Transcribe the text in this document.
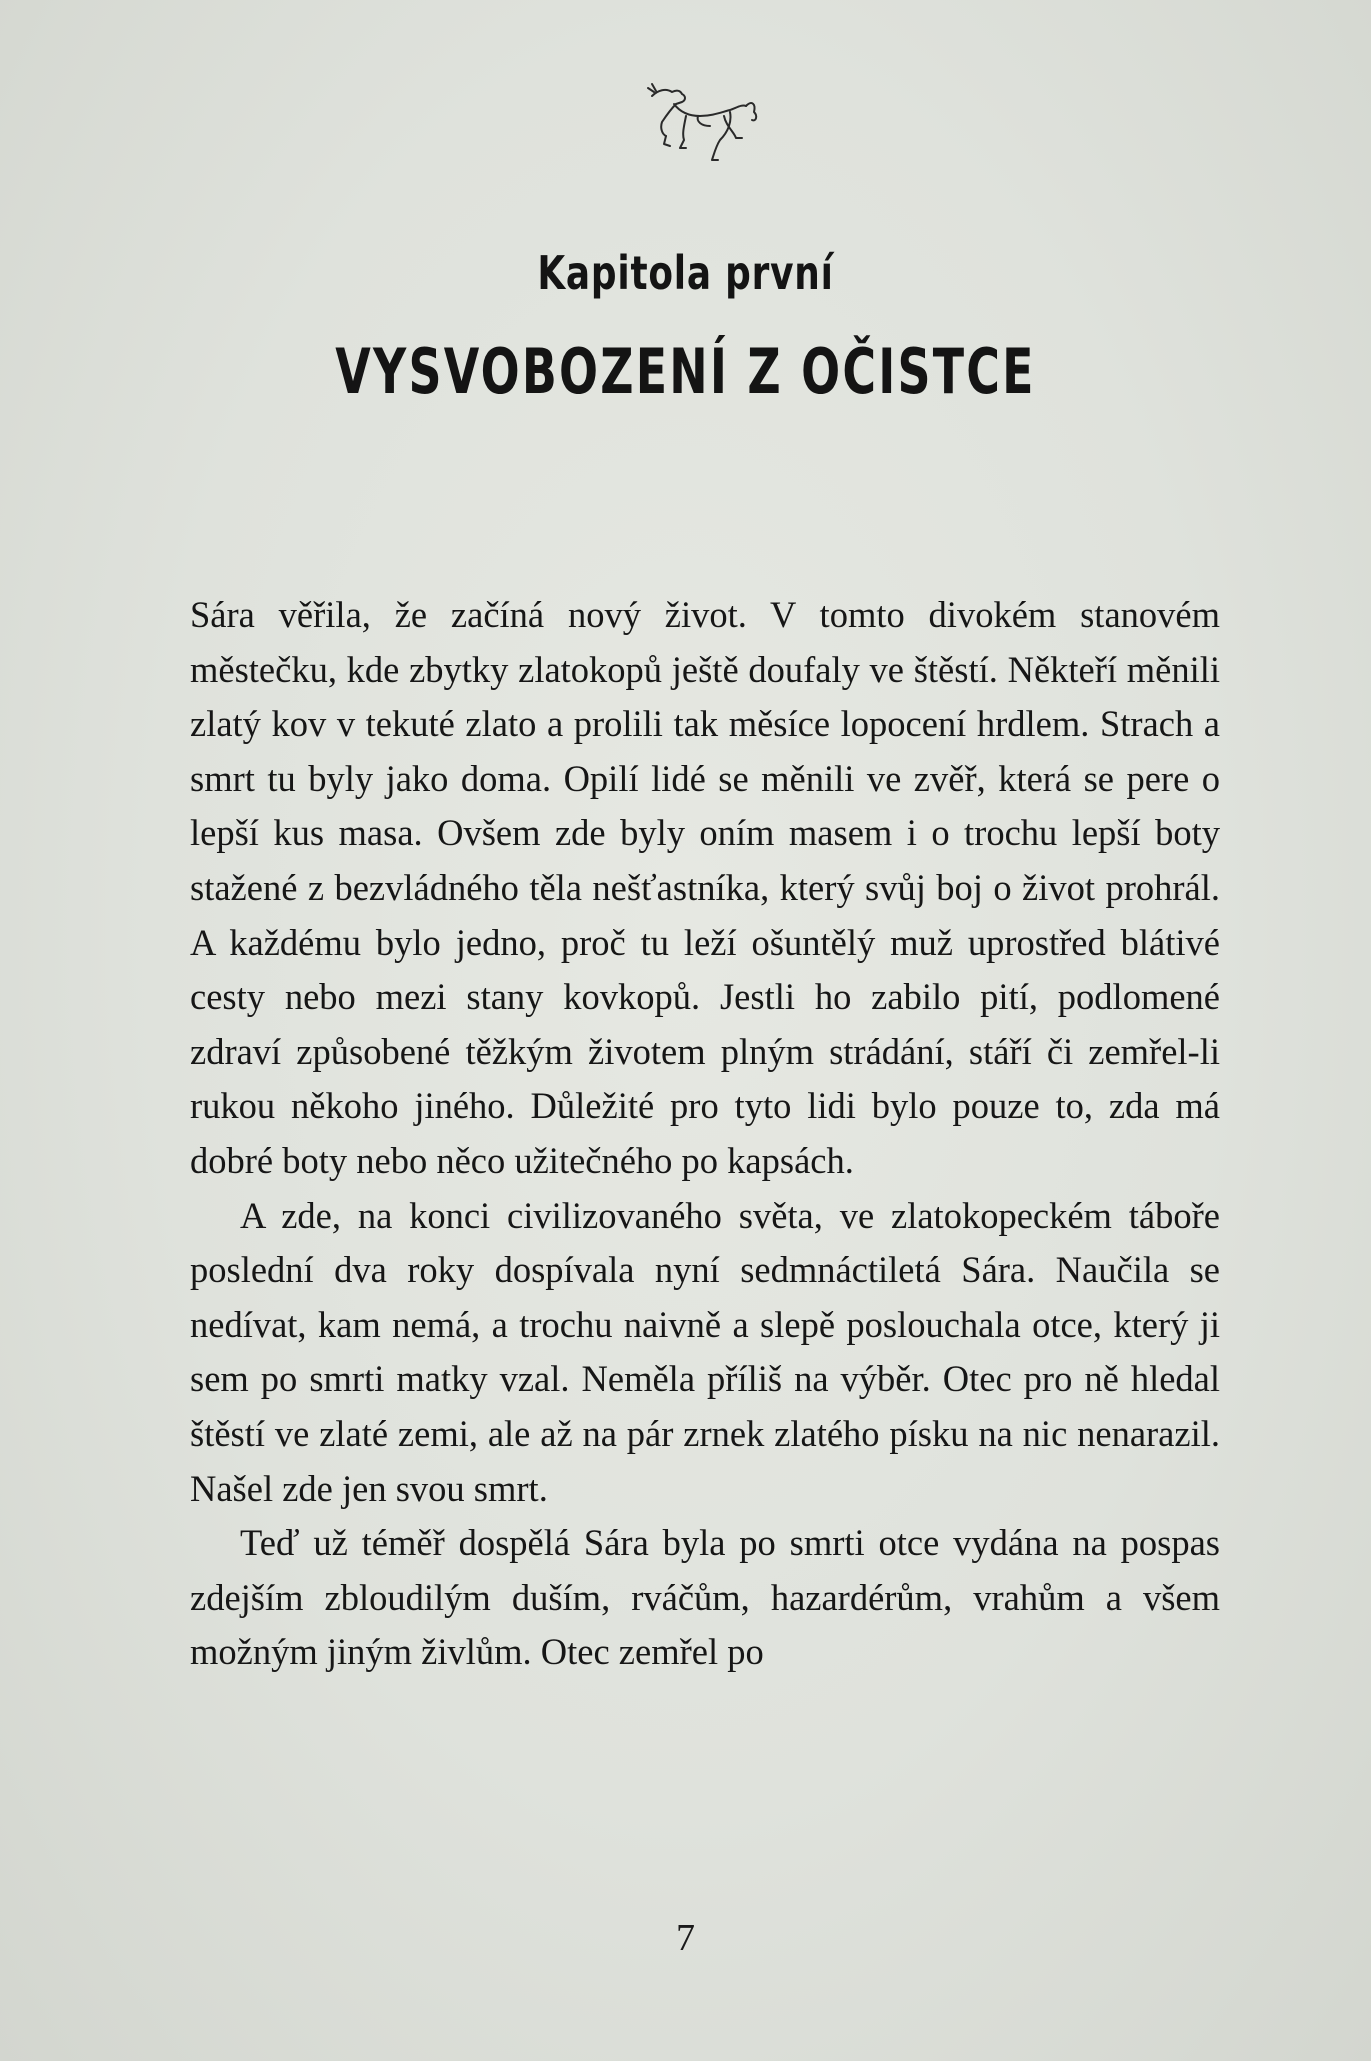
Kapitola první
VYSVOBOZENÍ Z OČISTCE

Sára věřila, že začíná nový život. V tomto divokém stanovém městečku, kde zbytky zlatokopů ještě doufaly ve štěstí. Někteří měnili zlatý kov v tekuté zlato a prolili tak měsíce lopocení hrdlem. Strach a smrt tu byly jako doma. Opilí lidé se měnili ve zvěř, která se pere o lepší kus masa. Ovšem zde byly oním masem i o trochu lepší boty stažené z bezvládného těla nešťastníka, který svůj boj o život prohrál. A každému bylo jedno, proč tu leží ošuntělý muž uprostřed blátivé cesty nebo mezi stany kovkopů. Jestli ho zabilo pití, podlomené zdraví způsobené těžkým životem plným strádání, stáří či zemřel-li rukou někoho jiného. Důležité pro tyto lidi bylo pouze to, zda má dobré boty nebo něco užitečného po kapsách.

A zde, na konci civilizovaného světa, ve zlatokopeckém táboře poslední dva roky dospívala nyní sedmnáctiletá Sára. Naučila se nedívat, kam nemá, a trochu naivně a slepě poslouchala otce, který ji sem po smrti matky vzal. Neměla příliš na výběr. Otec pro ně hledal štěstí ve zlaté zemi, ale až na pár zrnek zlatého písku na nic nenarazil. Našel zde jen svou smrt.

Teď už téměř dospělá Sára byla po smrti otce vydána na pospas zdejším zbloudilým duším, rváčům, hazardérům, vrahům a všem možným jiným živlům. Otec zemřel po

7
